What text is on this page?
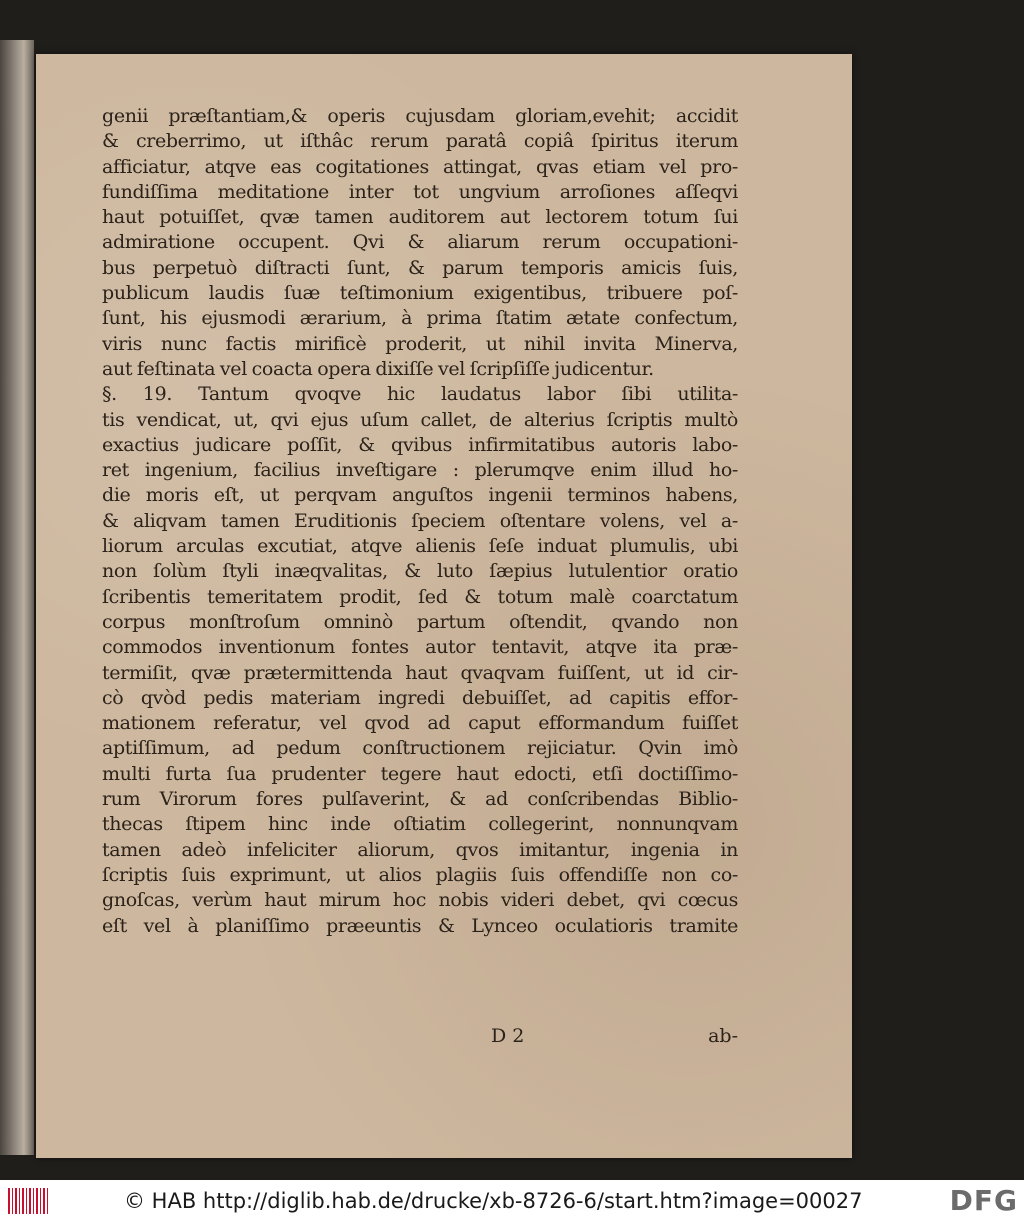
genii præſtantiam,& operis cujusdam gloriam,evehit; accidit
& creberrimo, ut iſthâc rerum paratâ copiâ ſpiritus iterum
afficiatur, atqve eas cogitationes attingat, qvas etiam vel pro-
fundiſſima meditatione inter tot ungvium arroſiones aſſeqvi
haut potuiſſet, qvæ tamen auditorem aut lectorem totum ſui
admiratione occupent. Qvi & aliarum rerum occupationi-
bus perpetuò diſtracti ſunt, & parum temporis amicis ſuis,
publicum laudis ſuæ teſtimonium exigentibus, tribuere poſ-
ſunt, his ejusmodi ærarium, à prima ſtatim ætate confectum,
viris nunc factis mirificè proderit, ut nihil invita Minerva,
aut feſtinata vel coacta opera dixiſſe vel ſcripſiſſe judicentur.
§. 19. Tantum qvoqve hic laudatus labor ſibi utilita-
tis vendicat, ut, qvi ejus uſum callet, de alterius ſcriptis multò
exactius judicare poſſit, & qvibus infirmitatibus autoris labo-
ret ingenium, facilius inveſtigare : plerumqve enim illud ho-
die moris eſt, ut perqvam anguſtos ingenii terminos habens,
& aliqvam tamen Eruditionis ſpeciem oſtentare volens, vel a-
liorum arculas excutiat, atqve alienis ſeſe induat plumulis, ubi
non ſolùm ſtyli inæqvalitas, & luto ſæpius lutulentior oratio
ſcribentis temeritatem prodit, ſed & totum malè coarctatum
corpus monſtroſum omninò partum oſtendit, qvando non
commodos inventionum fontes autor tentavit, atqve ita præ-
termiſit, qvæ prætermittenda haut qvaqvam fuiſſent, ut id cir-
cò qvòd pedis materiam ingredi debuiſſet, ad capitis effor-
mationem referatur, vel qvod ad caput efformandum fuiſſet
aptiſſimum, ad pedum conſtructionem rejiciatur. Qvin imò
multi furta ſua prudenter tegere haut edocti, etſi doctiſſimo-
rum Virorum fores pulſaverint, & ad conſcribendas Biblio-
thecas ſtipem hinc inde oſtiatim collegerint, nonnunqvam
tamen adeò infeliciter aliorum, qvos imitantur, ingenia in
ſcriptis ſuis exprimunt, ut alios plagiis ſuis offendiſſe non co-
gnoſcas, verùm haut mirum hoc nobis videri debet, qvi cœcus
eſt vel à planiſſimo præeuntis & Lynceo oculatioris tramite
D 2	ab-
© HAB http://diglib.hab.de/drucke/xb-8726-6/start.htm?image=00027	DFG
